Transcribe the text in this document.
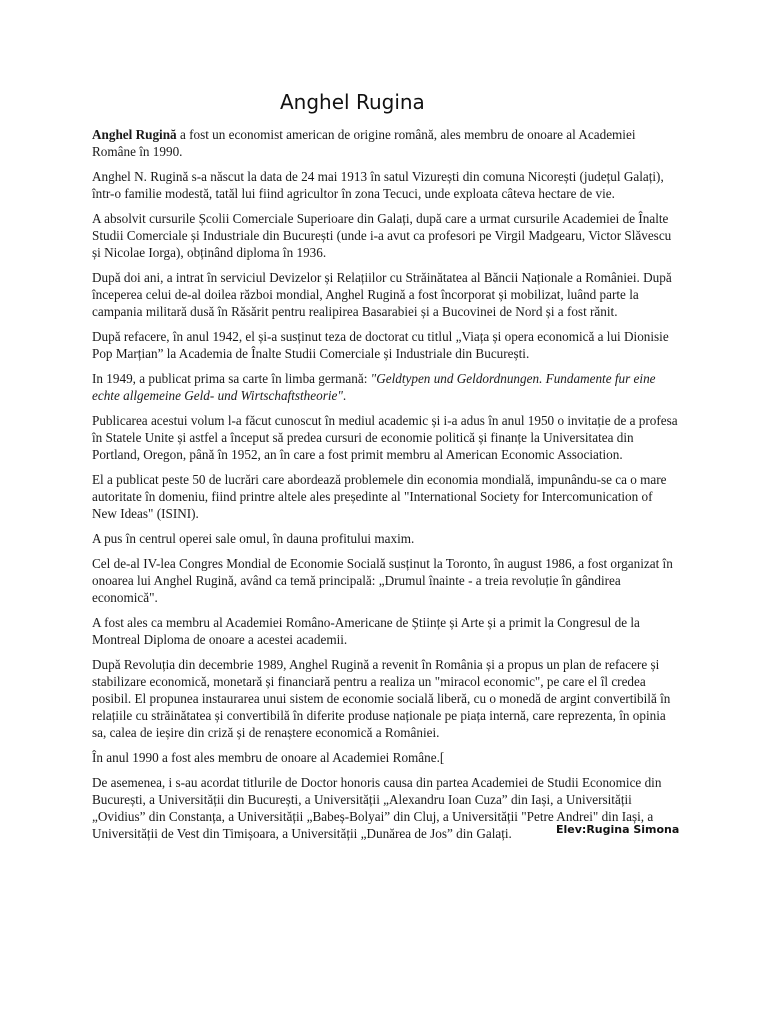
Anghel Rugina

Anghel Rugină a fost un economist american de origine română, ales membru de onoare al Academiei Române în 1990.

Anghel N. Rugină s-a născut la data de 24 mai 1913 în satul Vizurești din comuna Nicorești (județul Galați), într-o familie modestă, tatăl lui fiind agricultor în zona Tecuci, unde exploata câteva hectare de vie.

A absolvit cursurile Școlii Comerciale Superioare din Galați, după care a urmat cursurile Academiei de Înalte Studii Comerciale și Industriale din București (unde i-a avut ca profesori pe Virgil Madgearu, Victor Slăvescu și Nicolae Iorga), obținând diploma în 1936.

După doi ani, a intrat în serviciul Devizelor și Relațiilor cu Străinătatea al Băncii Naționale a României. După începerea celui de-al doilea război mondial, Anghel Rugină a fost încorporat și mobilizat, luând parte la campania militară dusă în Răsărit pentru realipirea Basarabiei și a Bucovinei de Nord și a fost rănit.

După refacere, în anul 1942, el și-a susținut teza de doctorat cu titlul „Viața și opera economică a lui Dionisie Pop Marțian” la Academia de Înalte Studii Comerciale și Industriale din București.

In 1949, a publicat prima sa carte în limba germană: "Geldtypen und Geldordnungen. Fundamente fur eine echte allgemeine Geld- und Wirtschaftstheorie".

Publicarea acestui volum l-a făcut cunoscut în mediul academic și i-a adus în anul 1950 o invitație de a profesa în Statele Unite și astfel a început să predea cursuri de economie politică și finanțe la Universitatea din Portland, Oregon, până în 1952, an în care a fost primit membru al American Economic Association.

El a publicat peste 50 de lucrări care abordează problemele din economia mondială, impunându-se ca o mare autoritate în domeniu, fiind printre altele ales președinte al "International Society for Intercomunication of New Ideas" (ISINI).

A pus în centrul operei sale omul, în dauna profitului maxim.

Cel de-al IV-lea Congres Mondial de Economie Socială susținut la Toronto, în august 1986, a fost organizat în onoarea lui Anghel Rugină, având ca temă principală: „Drumul înainte - a treia revoluție în gândirea economică".

A fost ales ca membru al Academiei Româno-Americane de Științe și Arte și a primit la Congresul de la Montreal Diploma de onoare a acestei academii.

După Revoluția din decembrie 1989, Anghel Rugină a revenit în România și a propus un plan de refacere și stabilizare economică, monetară și financiară pentru a realiza un "miracol economic", pe care el îl credea posibil. El propunea instaurarea unui sistem de economie socială liberă, cu o monedă de argint convertibilă în relațiile cu străinătatea și convertibilă în diferite produse naționale pe piața internă, care reprezenta, în opinia sa, calea de ieșire din criză și de renaștere economică a României.

În anul 1990 a fost ales membru de onoare al Academiei Române.[

De asemenea, i s-au acordat titlurile de Doctor honoris causa din partea Academiei de Studii Economice din București, a Universității din București, a Universității „Alexandru Ioan Cuza” din Iași, a Universității „Ovidius” din Constanța, a Universității „Babeș-Bolyai” din Cluj, a Universității "Petre Andrei" din Iași, a Universității de Vest din Timișoara, a Universității „Dunărea de Jos” din Galați.	Elev:Rugina Simona
